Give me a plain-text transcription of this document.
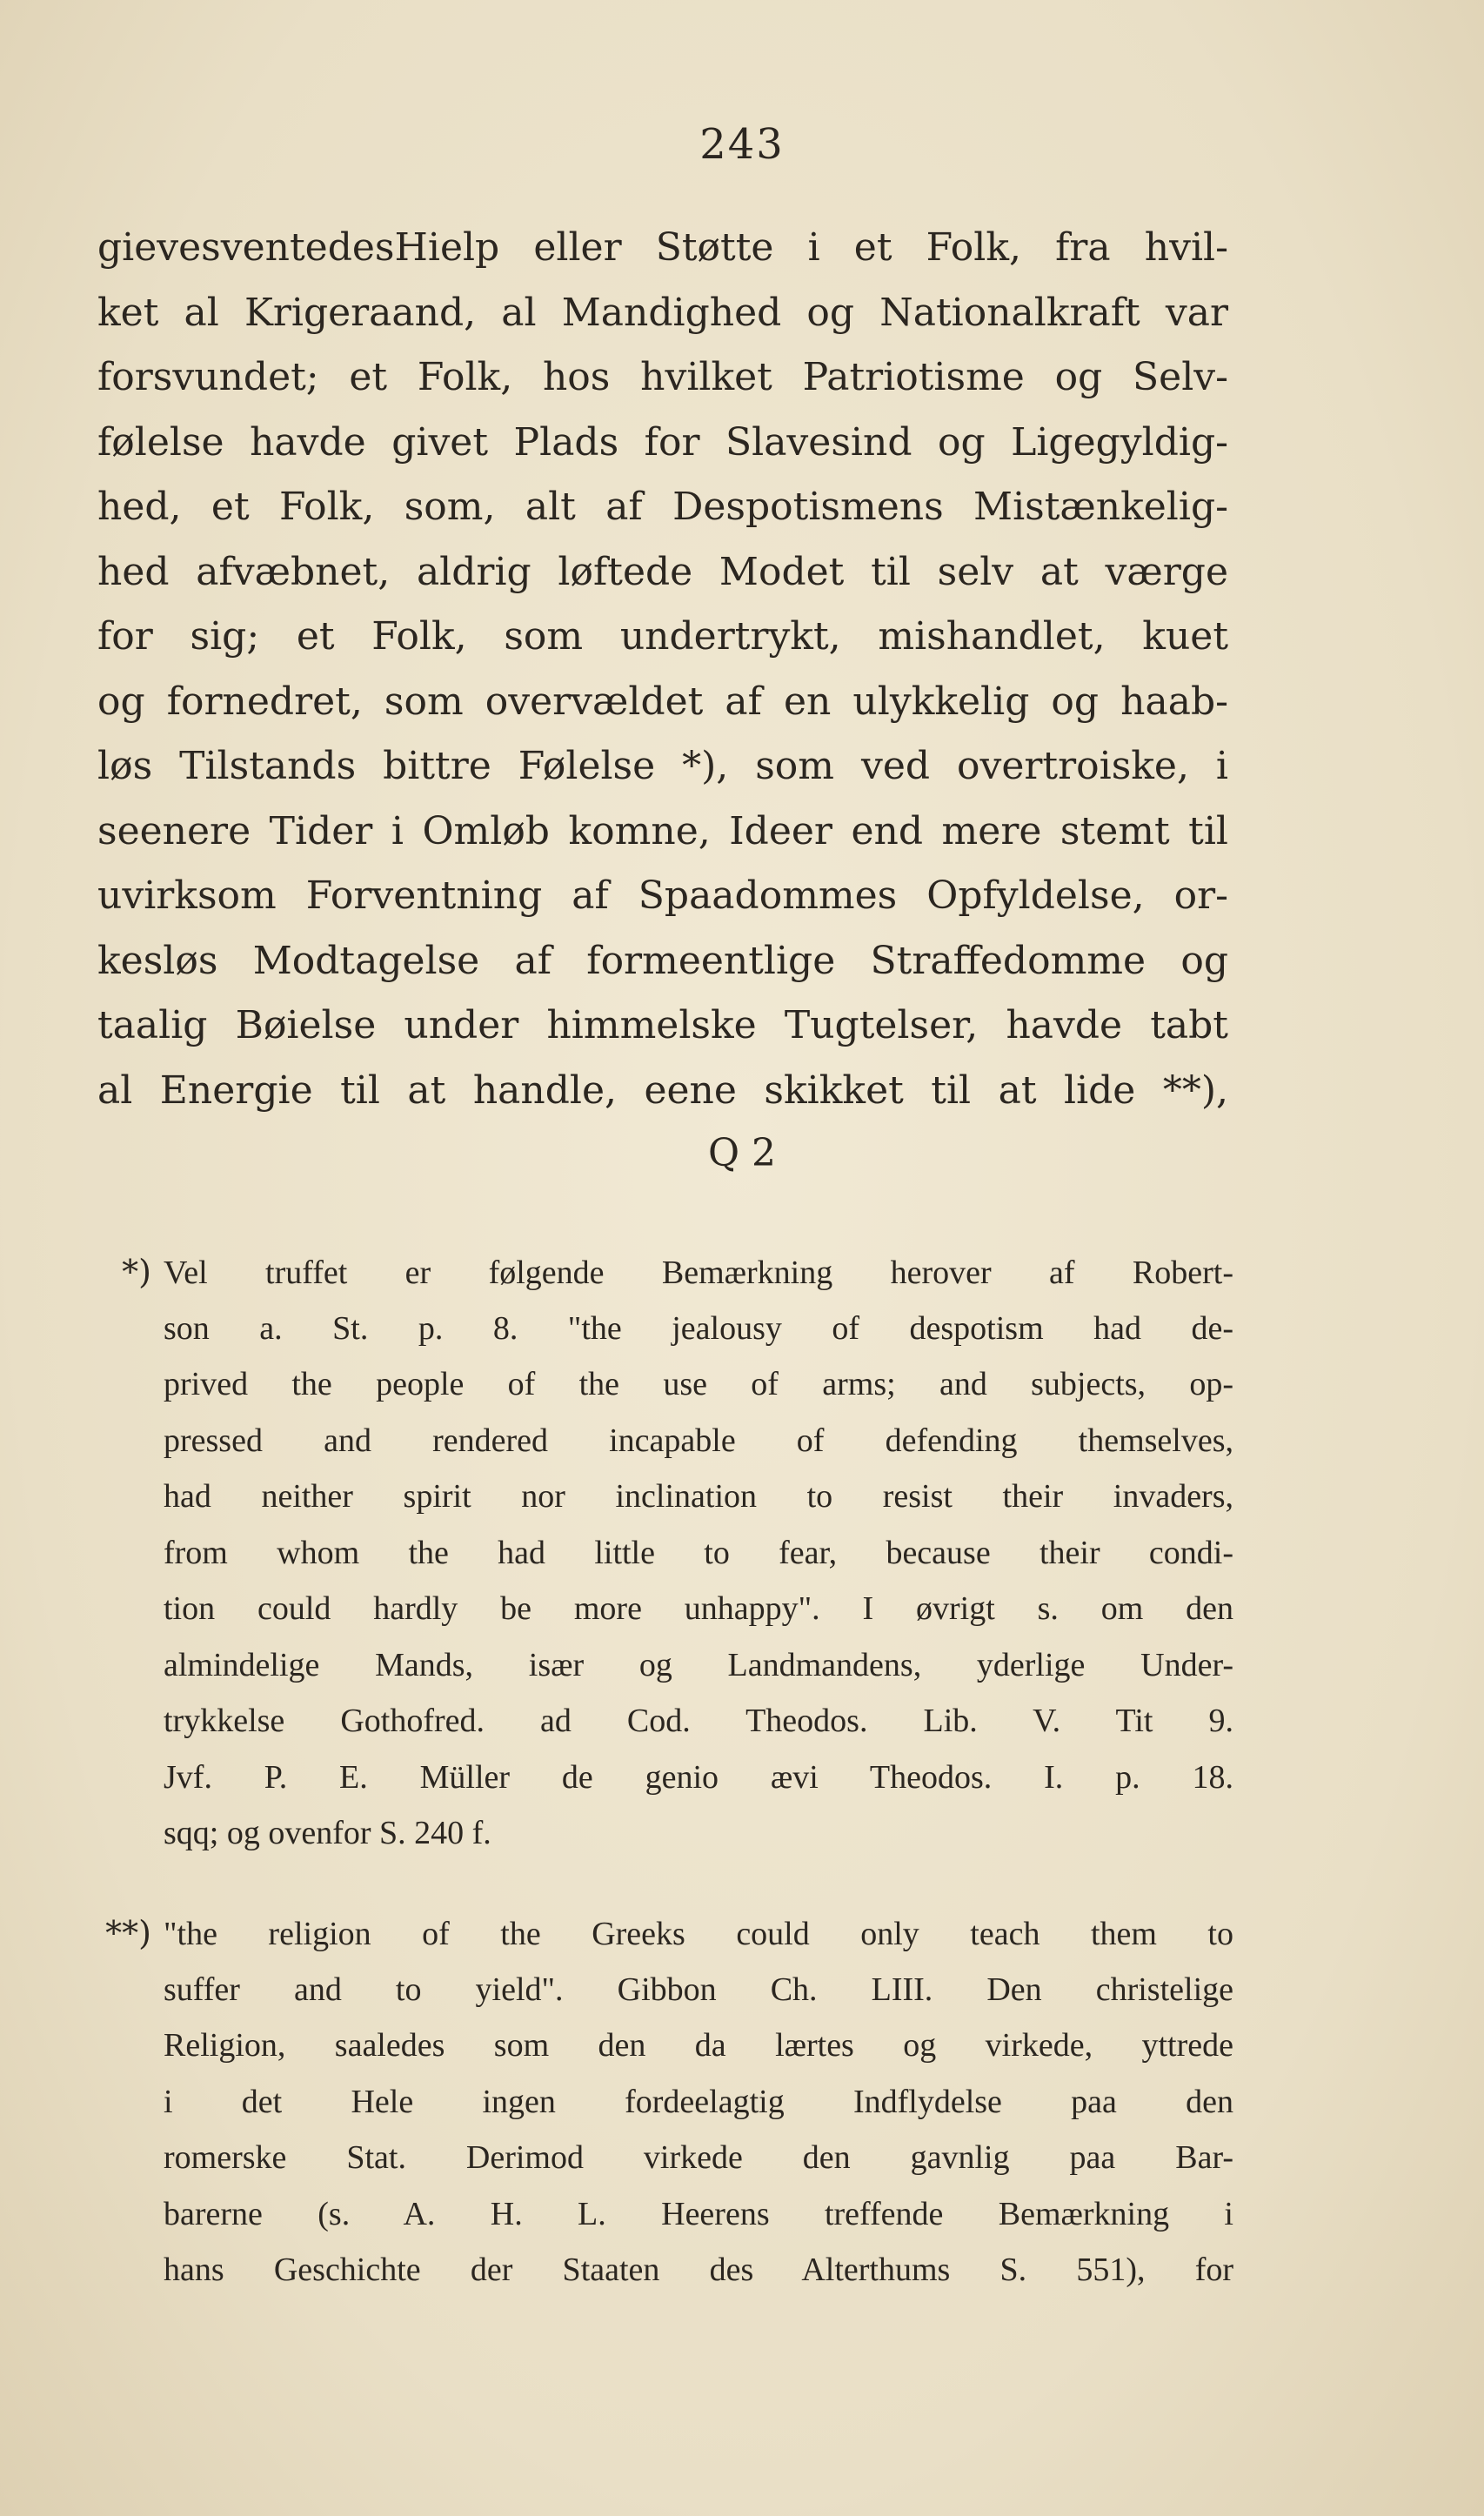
243
gievesventedesHielp eller Støtte i et Folk, fra hvil-
ket al Krigeraand, al Mandighed og Nationalkraft var
forsvundet; et Folk, hos hvilket Patriotisme og Selv-
følelse havde givet Plads for Slavesind og Ligegyldig-
hed, et Folk, som, alt af Despotismens Mistænkelig-
hed afvæbnet, aldrig løftede Modet til selv at værge
for sig; et Folk, som undertrykt, mishandlet, kuet
og fornedret, som overvældet af en ulykkelig og haab-
løs Tilstands bittre Følelse *), som ved overtroiske, i
seenere Tider i Omløb komne, Ideer end mere stemt til
uvirksom Forventning af Spaadommes Opfyldelse, or-
kesløs Modtagelse af formeentlige Straffedomme og
taalig Bøielse under himmelske Tugtelser, havde tabt
al Energie til at handle, eene skikket til at lide **),
Q 2
*) Vel truffet er følgende Bemærkning herover af Robert-
son a. St. p. 8. "the jealousy of despotism had de-
prived the people of the use of arms; and subjects, op-
pressed and rendered incapable of defending themselves,
had neither spirit nor inclination to resist their invaders,
from whom the had little to fear, because their condi-
tion could hardly be more unhappy". I øvrigt s. om den
almindelige Mands, især og Landmandens, yderlige Under-
trykkelse Gothofred. ad Cod. Theodos. Lib. V. Tit 9.
Jvf. P. E. Müller de genio ævi Theodos. I. p. 18.
sqq; og ovenfor S. 240 f.
**) "the religion of the Greeks could only teach them to
suffer and to yield". Gibbon Ch. LIII. Den christelige
Religion, saaledes som den da lærtes og virkede, yttrede
i det Hele ingen fordeelagtig Indflydelse paa den
romerske Stat. Derimod virkede den gavnlig paa Bar-
barerne (s. A. H. L. Heerens treffende Bemærkning i
hans Geschichte der Staaten des Alterthums S. 551), for
